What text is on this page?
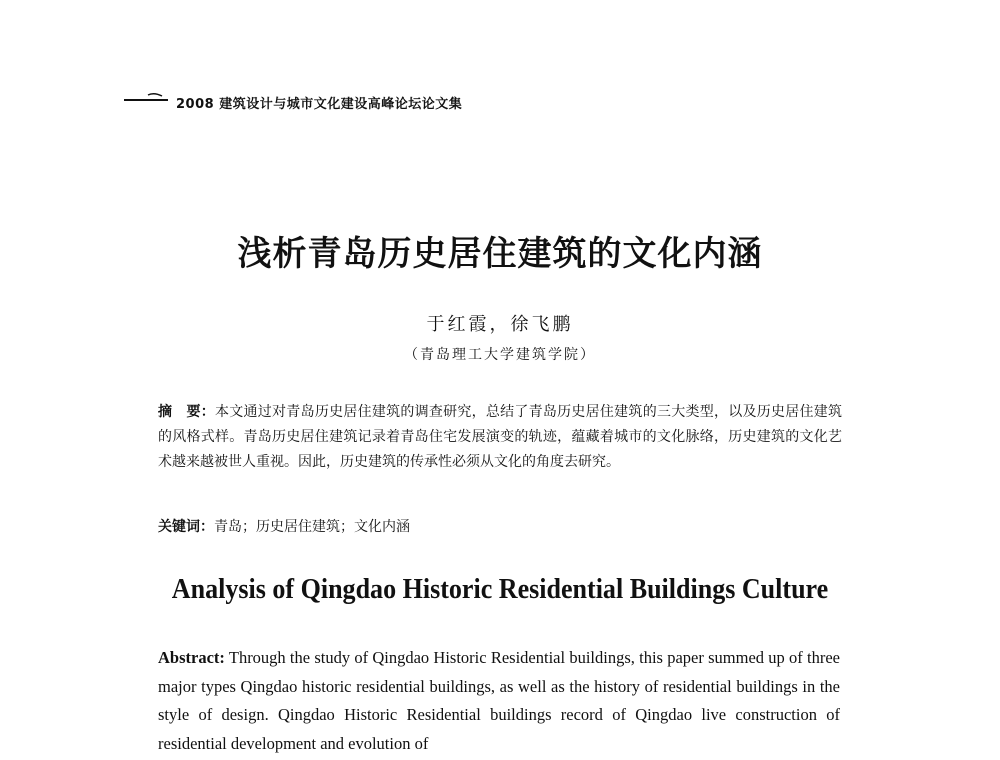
2008 建筑设计与城市文化建设高峰论坛论文集
浅析青岛历史居住建筑的文化内涵
于红霞，徐飞鹏
（青岛理工大学建筑学院）

摘　要：本文通过对青岛历史居住建筑的调查研究，总结了青岛历史居住建筑的三大类型，以及历史居住建筑的风格式样。青岛历史居住建筑记录着青岛住宅发展演变的轨迹，蕴藏着城市的文化脉络，历史建筑的文化艺术越来越被世人重视。因此，历史建筑的传承性必须从文化的角度去研究。

关键词：青岛；历史居住建筑；文化内涵

Analysis of Qingdao Historic Residential Buildings Culture

Abstract: Through the study of Qingdao Historic Residential buildings, this paper summed up of three major types Qingdao historic residential buildings, as well as the history of residential buildings in the style of design. Qingdao Historic Residential buildings record of Qingdao live construction of residential development and evolution of
